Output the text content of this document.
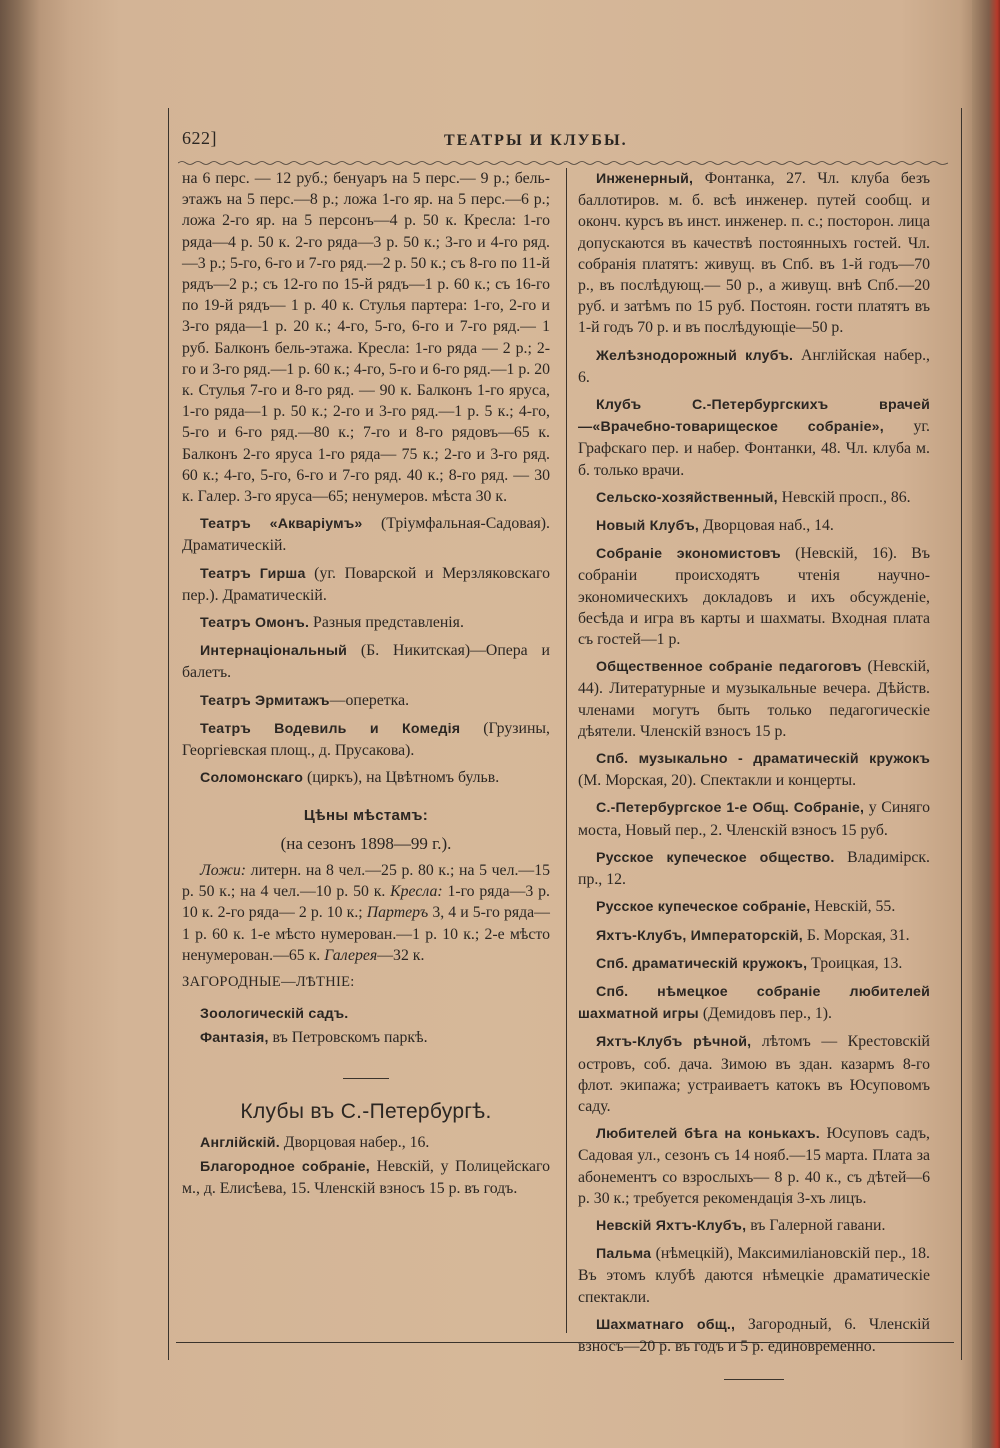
622]	ТЕАТРЫ И КЛУБЫ.

на 6 перс. — 12 руб.; бенуаръ на 5 перс.— 9 р.; бель-этажъ на 5 перс.—8 р.; ложа 1-го яр. на 5 перс.—6 р.; ложа 2-го яр. на 5 персонъ—4 р. 50 к. Кресла: 1-го ряда—4 р. 50 к. 2-го ряда—3 р. 50 к.; 3-го и 4-го ряд.—3 р.; 5-го, 6-го и 7-го ряд.—2 р. 50 к.; съ 8-го по 11-й рядъ—2 р.; съ 12-го по 15-й рядъ—1 р. 60 к.; съ 16-го по 19-й рядъ— 1 р. 40 к. Стулья партера: 1-го, 2-го и 3-го ряда—1 р. 20 к.; 4-го, 5-го, 6-го и 7-го ряд.— 1 руб. Балконъ бель-этажа. Кресла: 1-го ряда — 2 р.; 2-го и 3-го ряд.—1 р. 60 к.; 4-го, 5-го и 6-го ряд.—1 р. 20 к. Стулья 7-го и 8-го ряд. — 90 к. Балконъ 1-го яруса, 1-го ряда—1 р. 50 к.; 2-го и 3-го ряд.—1 р. 5 к.; 4-го, 5-го и 6-го ряд.—80 к.; 7-го и 8-го рядовъ—65 к. Балконъ 2-го яруса 1-го ряда— 75 к.; 2-го и 3-го ряд. 60 к.; 4-го, 5-го, 6-го и 7-го ряд. 40 к.; 8-го ряд. — 30 к. Галер. 3-го яруса—65; ненумеров. мѣста 30 к.

Театръ «Акваріумъ» (Тріумфальная-Садовая). Драматическій.

Театръ Гирша (уг. Поварской и Мерзляковскаго пер.). Драматическій.

Театръ Омонъ. Разныя представленія.

Интернаціональный (Б. Никитская)—Опера и балетъ.

Театръ Эрмитажъ—оперетка.

Театръ Водевиль и Комедія (Грузины, Георгіевская площ., д. Прусакова).

Соломонскаго (циркъ), на Цвѣтномъ бульв.

Цѣны мѣстамъ:

(на сезонъ 1898—99 г.).

Ложи: литерн. на 8 чел.—25 р. 80 к.; на 5 чел.—15 р. 50 к.; на 4 чел.—10 р. 50 к. Кресла: 1-го ряда—3 р. 10 к. 2-го ряда— 2 р. 10 к.; Партеръ 3, 4 и 5-го ряда—1 р. 60 к. 1-е мѣсто нумерован.—1 р. 10 к.; 2-е мѣсто ненумерован.—65 к. Галерея—32 к.

ЗАГОРОДНЫЕ—ЛѢТНІЕ:

Зоологическій садъ.

Фантазія, въ Петровскомъ паркѣ.

Клубы въ С.-Петербургѣ.

Англійскій. Дворцовая набер., 16.

Благородное собраніе, Невскій, у Полицейскаго м., д. Елисѣева, 15. Членскій взносъ 15 р. въ годъ.

Инженерный, Фонтанка, 27. Чл. клуба безъ баллотиров. м. б. всѣ инженер. путей сообщ. и оконч. курсъ въ инст. инженер. п. с.; посторон. лица допускаются въ качествѣ постоянныхъ гостей. Чл. собранія платятъ: живущ. въ Спб. въ 1-й годъ—70 р., въ послѣдующ.— 50 р., а живущ. внѣ Спб.—20 руб. и затѣмъ по 15 руб. Постоян. гости платятъ въ 1-й годъ 70 р. и въ послѣдующіе—50 р.

Желѣзнодорожный клубъ. Англійская набер., 6.

Клубъ С.-Петербургскихъ врачей—«Врачебно-товарищеское собраніе», уг. Графскаго пер. и набер. Фонтанки, 48. Чл. клуба м. б. только врачи.

Сельско-хозяйственный, Невскій просп., 86.

Новый Клубъ, Дворцовая наб., 14.

Собраніе экономистовъ (Невскій, 16). Въ собраніи происходятъ чтенія научно-экономическихъ докладовъ и ихъ обсужденіе, бесѣда и игра въ карты и шахматы. Входная плата съ гостей—1 р.

Общественное собраніе педагоговъ (Невскій, 44). Литературные и музыкальные вечера. Дѣйств. членами могутъ быть только педагогическіе дѣятели. Членскій взносъ 15 р.

Спб. музыкально - драматическій кружокъ (М. Морская, 20). Спектакли и концерты.

С.-Петербургское 1-е Общ. Собраніе, у Синяго моста, Новый пер., 2. Членскій взносъ 15 руб.

Русское купеческое общество. Владимірск. пр., 12.

Русское купеческое собраніе, Невскій, 55.

Яхтъ-Клубъ, Императорскій, Б. Морская, 31.

Спб. драматическій кружокъ, Троицкая, 13.

Спб. нѣмецкое собраніе любителей шахматной игры (Демидовъ пер., 1).

Яхтъ-Клубъ рѣчной, лѣтомъ — Крестовскій островъ, соб. дача. Зимою въ здан. казармъ 8-го флот. экипажа; устраиваетъ катокъ въ Юсуповомъ саду.

Любителей бѣга на конькахъ. Юсуповъ садъ, Садовая ул., сезонъ съ 14 нояб.—15 марта. Плата за абонементъ со взрослыхъ— 8 р. 40 к., съ дѣтей—6 р. 30 к.; требуется рекомендація 3-хъ лицъ.

Невскій Яхтъ-Клубъ, въ Галерной гавани.

Пальма (нѣмецкій), Максимиліановскій пер., 18. Въ этомъ клубѣ даются нѣмецкіе драматическіе спектакли.

Шахматнаго общ., Загородный, 6. Членскій взносъ—20 р. въ годъ и 5 р. единовременно.
